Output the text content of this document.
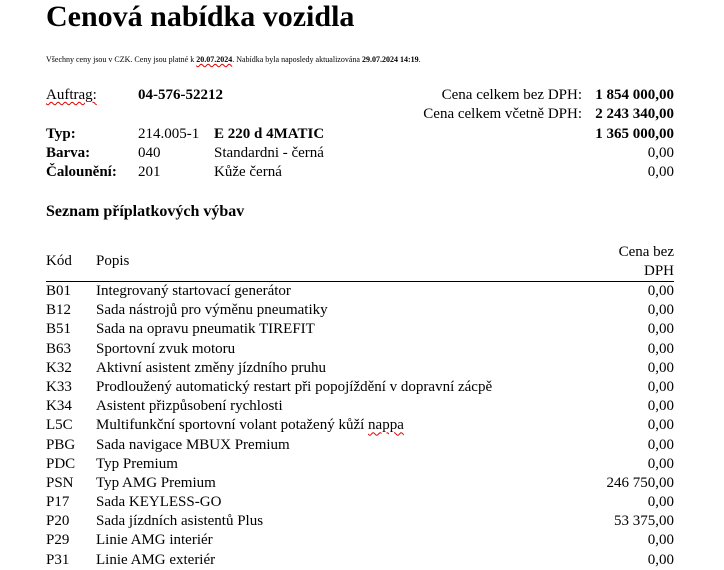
Cenová nabídka vozidla
Všechny ceny jsou v CZK. Ceny jsou platné k 20.07.2024. Nabídka byla naposledy aktualizována 29.07.2024 14:19.
Auftrag:	04-576-52212	Cena celkem bez DPH: 1 854 000,00
Cena celkem včetně DPH: 2 243 340,00
Typ:	214.005-1 E 220 d 4MATIC	1 365 000,00
Barva:	040	Standardni - černá	0,00
Čalounění: 201	Kůže černá	0,00
Seznam příplatkových výbav
Kód Popis
Cena bez
DPH
B01 Integrovaný startovací generátor	0,00
B12 Sada nástrojů pro výměnu pneumatiky	0,00
B51 Sada na opravu pneumatik TIREFIT	0,00
B63 Sportovní zvuk motoru	0,00
K32 Aktivní asistent změny jízdního pruhu	0,00
K33 Prodloužený automatický restart při popojíždění v dopravní zácpě	0,00
K34 Asistent přizpůsobení rychlosti	0,00
L5C Multifunkční sportovní volant potažený kůží nappa	0,00
PBG Sada navigace MBUX Premium	0,00
PDC Typ Premium	0,00
PSN Typ AMG Premium	246 750,00
P17 Sada KEYLESS-GO	0,00
P20 Sada jízdních asistentů Plus	53 375,00
P29 Linie AMG interiér	0,00
P31 Linie AMG exteriér	0,00
